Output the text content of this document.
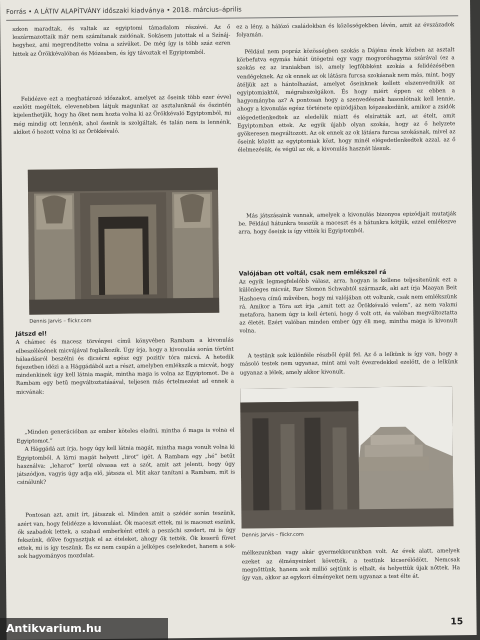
Forrás • A LÁTIV ALAPÍTVÁNY időszaki kiadványa • 2018. március–április

szkon maradtak, és valtak az egyiptomi támadalom részévé. Az ő leszármazottaik már nem számítanak zsidónak. Sokásem jutottak el a Színáj-hegyhez, ami megrendítette volna a szívüket. De még így is több száz ezren hittek az Örökkévalóban és Mózesben, és így távoztak el Egyiptomból.

Felidézve ezt a meghatározó időszakot, amelyet az őseink több ezer évvel ezelőtt megéltek, elevenebben látjuk magunkat az asztalunknál és őszintén kijelenthetjük, hogy ha őket nem hozta volna ki az Örökkévaló Egyiptomból, mi még mindig ott lennénk, ahol őseink is szolgáltak, és talán nem is lennénk, akiket ő hozott volna ki az Örökkévaló.

Dennis Jarvis – flickr.com
Játszd el!

A chámec és macesz törvényei című könyvében Rambam a kivonulás elbeszélésének micvájával foglalkozik. Úgy írja, hogy a kivonulás során történt hálaadásról beszélni és dicsérni egész egy pozitív tóra micvá. A hetedik fejezetben idézi a a Hággádából azt a részt, amelyben emlékszik a micvát, hogy mindenkinek úgy kell látnia magát, mintha maga is volna az Egyiptomot. De a Rambam egy betű megváltoztatásával, teljesen más értelmezést ad ennek a micvának:

„Minden generációban az ember köteles eladni, mintha ő maga is volna el Egyiptomot.”

A Hággádá azt írja, hogy úgy kell látnia magát, mintha maga vonult volna ki Egyiptomból. A lárni magát helyett „lirot” igét. A Rambam egy „hé” betűt használva: „leharot” kerül olvassa ezt a szót, amit azt jelenti, hogy úgy játszódjon, vagyis úgy adja elő, játssza el. Mit akar tanítani a Rambam, mit is csinálunk?

Pontosan azt, amit írt, játsszuk el. Minden amit a szédér során teszünk, azért van, hogy felidézze a kivonulást. Ők maceszt ettek, mi is maceszt eszünk, ők szabadok lettek, a szabad emberként ettek a peszáchi szedert, mi is úgy fekszünk, dőlve fogyasztjuk el az ételeket, ahogy ők tették. Ők keserű füvet ettek, mi is így teszünk. És ez nem csupán a jelképes cselekedet, hanem a sok-sok hagyományos mozdulat.

ez a lény, a hálózó családokban és közösségekben lévén, amit az évszázadok folyamán.

Például nem popráz közösségben szokás a Dájénu ének közben az asztalt körbefutva egymás hátát ütögetni egy vagy mogyoróhagyma szárával (ez a szokás ez az iraniakban is), amely legfőbbként szokás a felidézésében vendégeknek. Az ok ennek az ok látásra furcsa szokásnak nem más, mint, hogy átéljük azt a hántolhazást, amelyet őseinknek kellett elszenvedniük az egyiptomiaktól, mégrabszolgákon. És hogy miért éppen ez ebben a hagyományba az? A pontosan hogy a szenvedésnek hasonlótnak kell lennie, ahogy a kivonulás egész története epizódjában képzeskedünk, amikor a zsidók elégedetlenkedtek az eledelük miatt és elsíratták azt, az ételt, amit Egyiptomban ettek. Az egyik újabb olyan szokás, hogy az ő helyzete gyökeresen megváltozott. Az ok ennek az ok látásra furcsa szokásnak, mivel az őseink között az egyiptomiak közt, hogy minél elégedetlenkedtek azzal, az ő élelmezésük, és végül az ok, a kivonulás hasznát lássuk.

Más játszásaink vannak, amelyek a kivonulás bizonyos epizódjait mutatják be. Például hátunkra tesszük a maceszt és a hátunkra kötjük, ezzel emlékezve arra, hogy őseink is így vitték ki Egyiptomból.

Valójában ott voltál, csak nem emlékszel rá

Az egyik legmegfelelőbb válasz, arra, hogyan is kellene teljesítenünk ezt a különleges micvát, Rav Slomon Schwabtól származik, aki azt írja Maayan Beit Hashoeva című művében, hogy mi valójában ott voltunk, csak nem emlékszünk rá. Amikor a Tóra azt írja „amit tett az Örökkévaló velem”, az nem valami metafora, hanem úgy is kell érteni, hogy ő volt ott, és valóban megváltoztatta az életét. Ezért valóban minden ember úgy éli meg, mintha maga is kivonult volna.

A testünk sok különféle részből épül fel. Az ő a lelkünk is így van, hogy a másoló testek nem ugyanaz, mint ami volt évezredekkel ezelőtt, de a lelkünk ugyanaz a lélek, amely akkor kivonult.

Dennis Jarvis – flickr.com

mélkezunkban vagy akár gyermekkorunkban volt. Az évek alatt, amelyek ezeket az élményeinket követték, a testünk kicserélődött. Nemcsak megnőttünk, hanem sok millió sejtünk is elhalt, és helyettük újak nőttek. Ha így van, akkor az egykori élményeket nem ugyanaz a test élte át.

15
Antikvarium.hu
